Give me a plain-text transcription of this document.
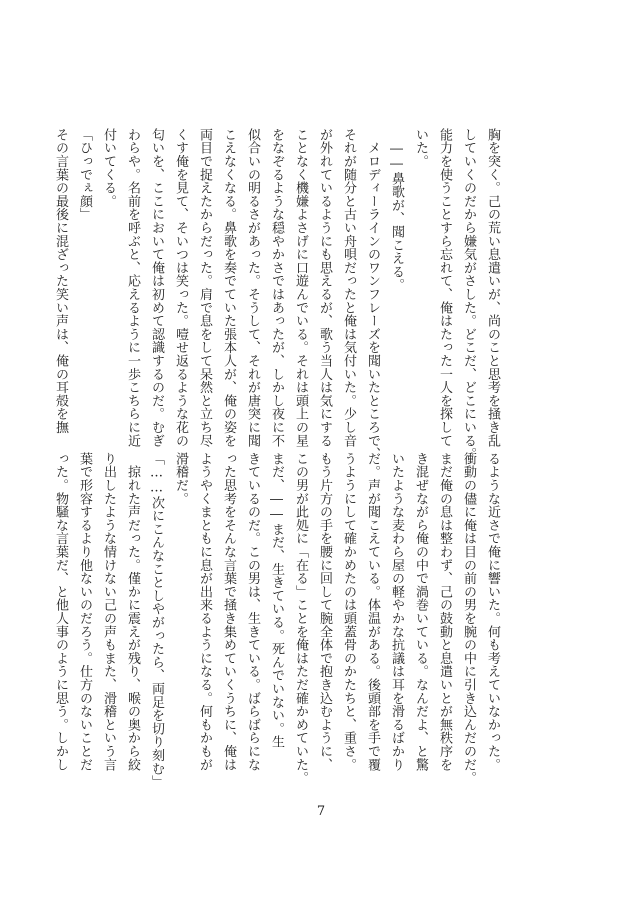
胸を突く。己の荒い息遣いが、尚のこと思考を掻き乱

していくのだから嫌気がさした。どこだ、どこにいる。

能力を使うことすら忘れて、俺はたった一人を探して

いた。

　――鼻歌が、聞こえる。

　メロディーラインのワンフレーズを聞いたところで、

それが随分と古い舟唄だったと俺は気付いた。少し音

が外れているようにも思えるが、歌う当人は気にする

ことなく機嫌よさげに口遊んでいる。それは頭上の星

をなぞるような穏やかさではあったが、しかし夜に不

似合いの明るさがあった。そうして、それが唐突に聞

こえなくなる。鼻歌を奏でていた張本人が、俺の姿を

両目で捉えたからだった。肩で息をして呆然と立ち尽

くす俺を見て、そいつは笑った。噎せ返るような花の

匂いを、ここにおいて俺は初めて認識するのだ。むぎ

わらや。名前を呼ぶと、応えるように一歩こちらに近

付いてくる。

「ひっでぇ顔」

その言葉の最後に混ざった笑い声は、俺の耳殻を撫

るような近さで俺に響いた。何も考えていなかった。

衝動の儘に俺は目の前の男を腕の中に引き込んだのだ。

まだ俺の息は整わず、己の鼓動と息遣いとが無秩序を

き混ぜながら俺の中で渦巻いている。なんだよ、と驚

いたような麦わら屋の軽やかな抗議は耳を滑るばかり

だ。声が聞こえている。体温がある。後頭部を手で覆

うようにして確かめたのは頭蓋骨のかたちと、重さ。

もう片方の手を腰に回して腕全体で抱き込むように、

この男が此処に「在る」ことを俺はただ確かめていた。

まだ、――まだ、生きている。死んでいない。生

きているのだ。この男は、生きている。ばらばらにな

った思考をそんな言葉で掻き集めていくうちに、俺は

ようやくまともに息が出来るようになる。何もかもが

滑稽だ。

「……次にこんなことしやがったら、両足を切り刻む」

　掠れた声だった。僅かに震えが残り、喉の奥から絞

り出したような情けない己の声もまた、滑稽という言

葉で形容するより他ないのだろう。仕方のないことだ

った。物騒な言葉だ、と他人事のように思う。しかし

7
